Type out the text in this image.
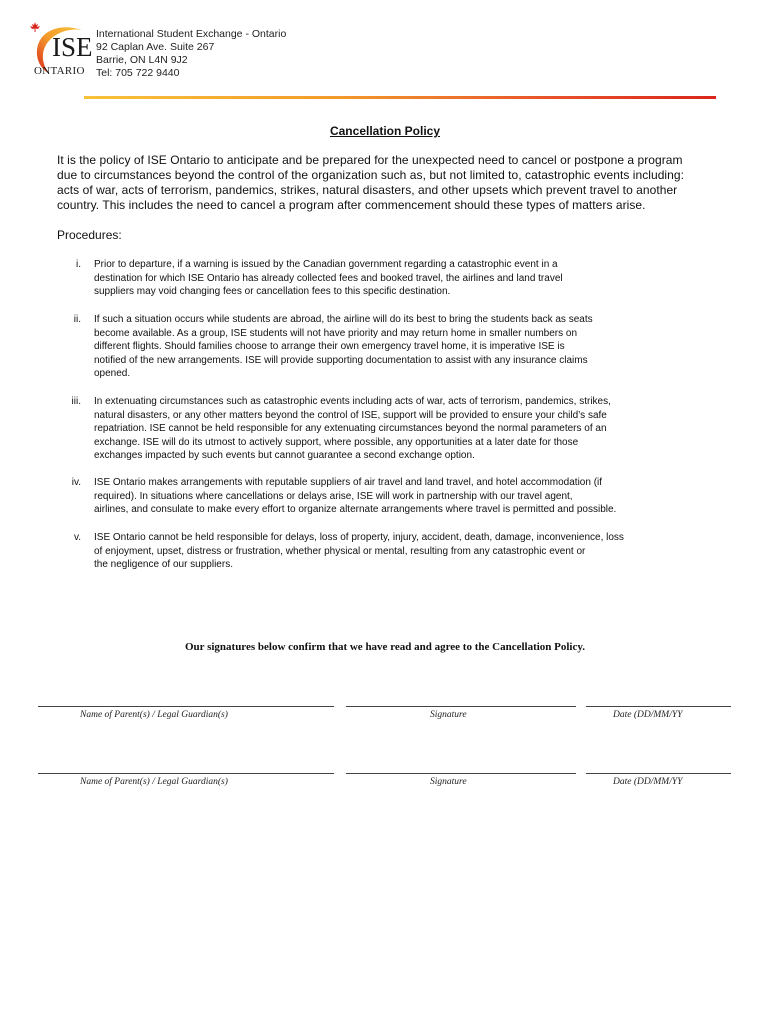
ISE
ONTARIO
International Student Exchange - Ontario
92 Caplan Ave. Suite 267
Barrie, ON L4N 9J2
Tel: 705 722 9440
Cancellation Policy
It is the policy of ISE Ontario to anticipate and be prepared for the unexpected need to cancel or postpone a program
due to circumstances beyond the control of the organization such as, but not limited to, catastrophic events including:
acts of war, acts of terrorism, pandemics, strikes, natural disasters, and other upsets which prevent travel to another
country. This includes the need to cancel a program after commencement should these types of matters arise.
Procedures:
i. Prior to departure, if a warning is issued by the Canadian government regarding a catastrophic event in a
destination for which ISE Ontario has already collected fees and booked travel, the airlines and land travel
suppliers may void changing fees or cancellation fees to this specific destination.
ii. If such a situation occurs while students are abroad, the airline will do its best to bring the students back as seats
become available. As a group, ISE students will not have priority and may return home in smaller numbers on
different flights. Should families choose to arrange their own emergency travel home, it is imperative ISE is
notified of the new arrangements. ISE will provide supporting documentation to assist with any insurance claims
opened.
iii. In extenuating circumstances such as catastrophic events including acts of war, acts of terrorism, pandemics, strikes,
natural disasters, or any other matters beyond the control of ISE, support will be provided to ensure your child’s safe
repatriation. ISE cannot be held responsible for any extenuating circumstances beyond the normal parameters of an
exchange. ISE will do its utmost to actively support, where possible, any opportunities at a later date for those
exchanges impacted by such events but cannot guarantee a second exchange option.
iv. ISE Ontario makes arrangements with reputable suppliers of air travel and land travel, and hotel accommodation (if
required). In situations where cancellations or delays arise, ISE will work in partnership with our travel agent,
airlines, and consulate to make every effort to organize alternate arrangements where travel is permitted and possible.
v. ISE Ontario cannot be held responsible for delays, loss of property, injury, accident, death, damage, inconvenience, loss
of enjoyment, upset, distress or frustration, whether physical or mental, resulting from any catastrophic event or
the negligence of our suppliers.
Our signatures below confirm that we have read and agree to the Cancellation Policy.
Name of Parent(s) / Legal Guardian(s)	Signature	Date (DD/MM/YY
Name of Parent(s) / Legal Guardian(s)	Signature	Date (DD/MM/YY
